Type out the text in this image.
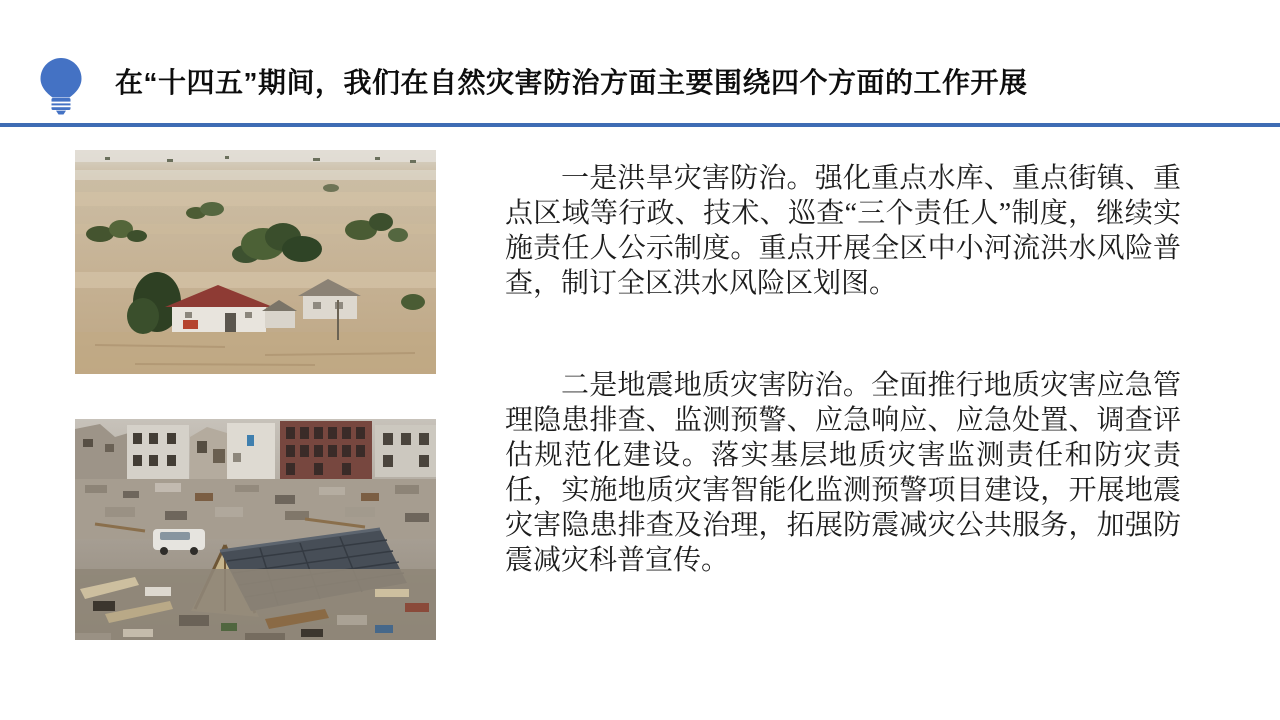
在“十四五”期间，我们在自然灾害防治方面主要围绕四个方面的工作开展

一是洪旱灾害防治。强化重点水库、重点街镇、重点区域等行政、技术、巡查“三个责任人”制度，继续实施责任人公示制度。重点开展全区中小河流洪水风险普查，制订全区洪水风险区划图。

二是地震地质灾害防治。全面推行地质灾害应急管理隐患排查、监测预警、应急响应、应急处置、调查评估规范化建设。落实基层地质灾害监测责任和防灾责任，实施地质灾害智能化监测预警项目建设，开展地震灾害隐患排查及治理，拓展防震减灾公共服务，加强防震减灾科普宣传。
